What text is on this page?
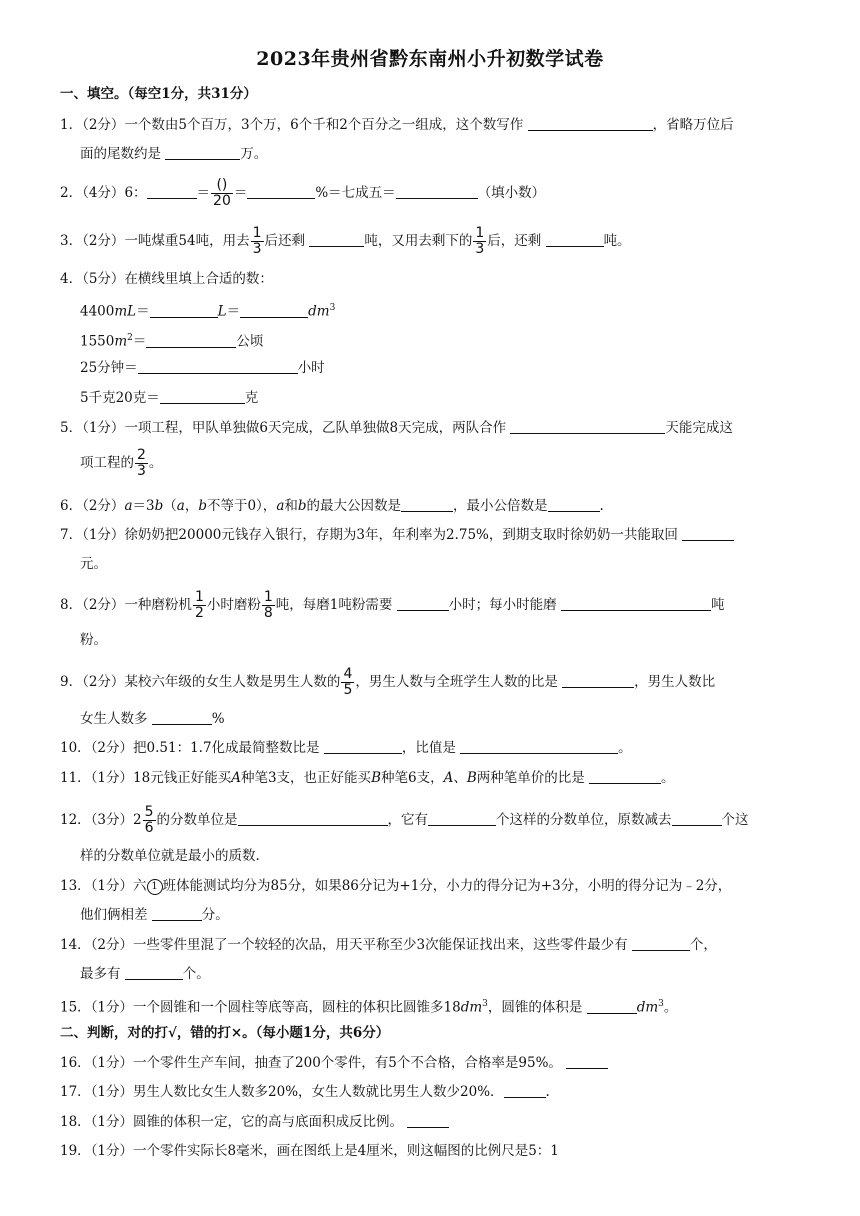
2023年贵州省黔东南州小升初数学试卷
一、填空。（每空1分，共31分）
1．（2分）一个数由5个百万，3个万，6个千和2个百分之一组成，这个数写作	，省略万位后
面的尾数约是	万。
2．（4分）6：	＝ $\frac{()}{20}$ ＝	%＝七成五＝	（填小数）
3．（2分）一吨煤重54吨，用去 $\frac{1}{3}$ 后还剩	吨，又用去剩下的 $\frac{1}{3}$ 后，还剩	吨。
4．（5分）在横线里填上合适的数：
4400mL＝	L＝	$dm^3$
$1550m^2=$	公顷
25分钟＝	小时
5千克20克＝	克
5．（1分）一项工程，甲队单独做6天完成，乙队单独做8天完成，两队合作	天能完成这
项工程的 $\frac{2}{3}$ 。
6．（2分）a＝3b（a，b不等于0），a和b的最大公因数是	，最小公倍数是	.
7．（1分）徐奶奶把20000元钱存入银行，存期为3年，年利率为2.75%，到期支取时徐奶奶一共能取回
元。
8．（2分）一种磨粉机 $\frac{1}{2}$ 小时磨粉 $\frac{1}{8}$ 吨，每磨1吨粉需要	小时；每小时能磨	吨
粉。
9．（2分）某校六年级的女生人数是男生人数的 $\frac{4}{5}$ ，男生人数与全班学生人数的比是	，男生人数比
女生人数多	%
10．（2分）把0.51：1.7化成最简整数比是	，比值是	。
11．（1分）18元钱正好能买A种笔3支，也正好能买B种笔6支，A、B两种笔单价的比是	。
12．（3分）$2 \frac{5}{6}$ 的分数单位是	，它有	个这样的分数单位，原数减去	个这
样的分数单位就是最小的质数.
13．（1分）六 1 班体能测试均分为85分，如果86分记为+1分，小力的得分记为+3分，小明的得分记为﹣2分，
他们俩相差	分。
14．（2分）一些零件里混了一个较轻的次品，用天平称至少3次能保证找出来，这些零件最少有	个，
最多有	个。
15．（1分）一个圆锥和一个圆柱等底等高，圆柱的体积比圆锥多$18dm^3$，圆锥的体积是	$dm^3$。
二、判断，对的打√，错的打×。（每小题1分，共6分）
16．（1分）一个零件生产车间，抽查了200个零件，有5个不合格，合格率是95%。
17．（1分）男生人数比女生人数多20%，女生人数就比男生人数少20%．	.
18．（1分）圆锥的体积一定，它的高与底面积成反比例。
19．（1分）一个零件实际长8毫米，画在图纸上是4厘米，则这幅图的比例尺是5：1
